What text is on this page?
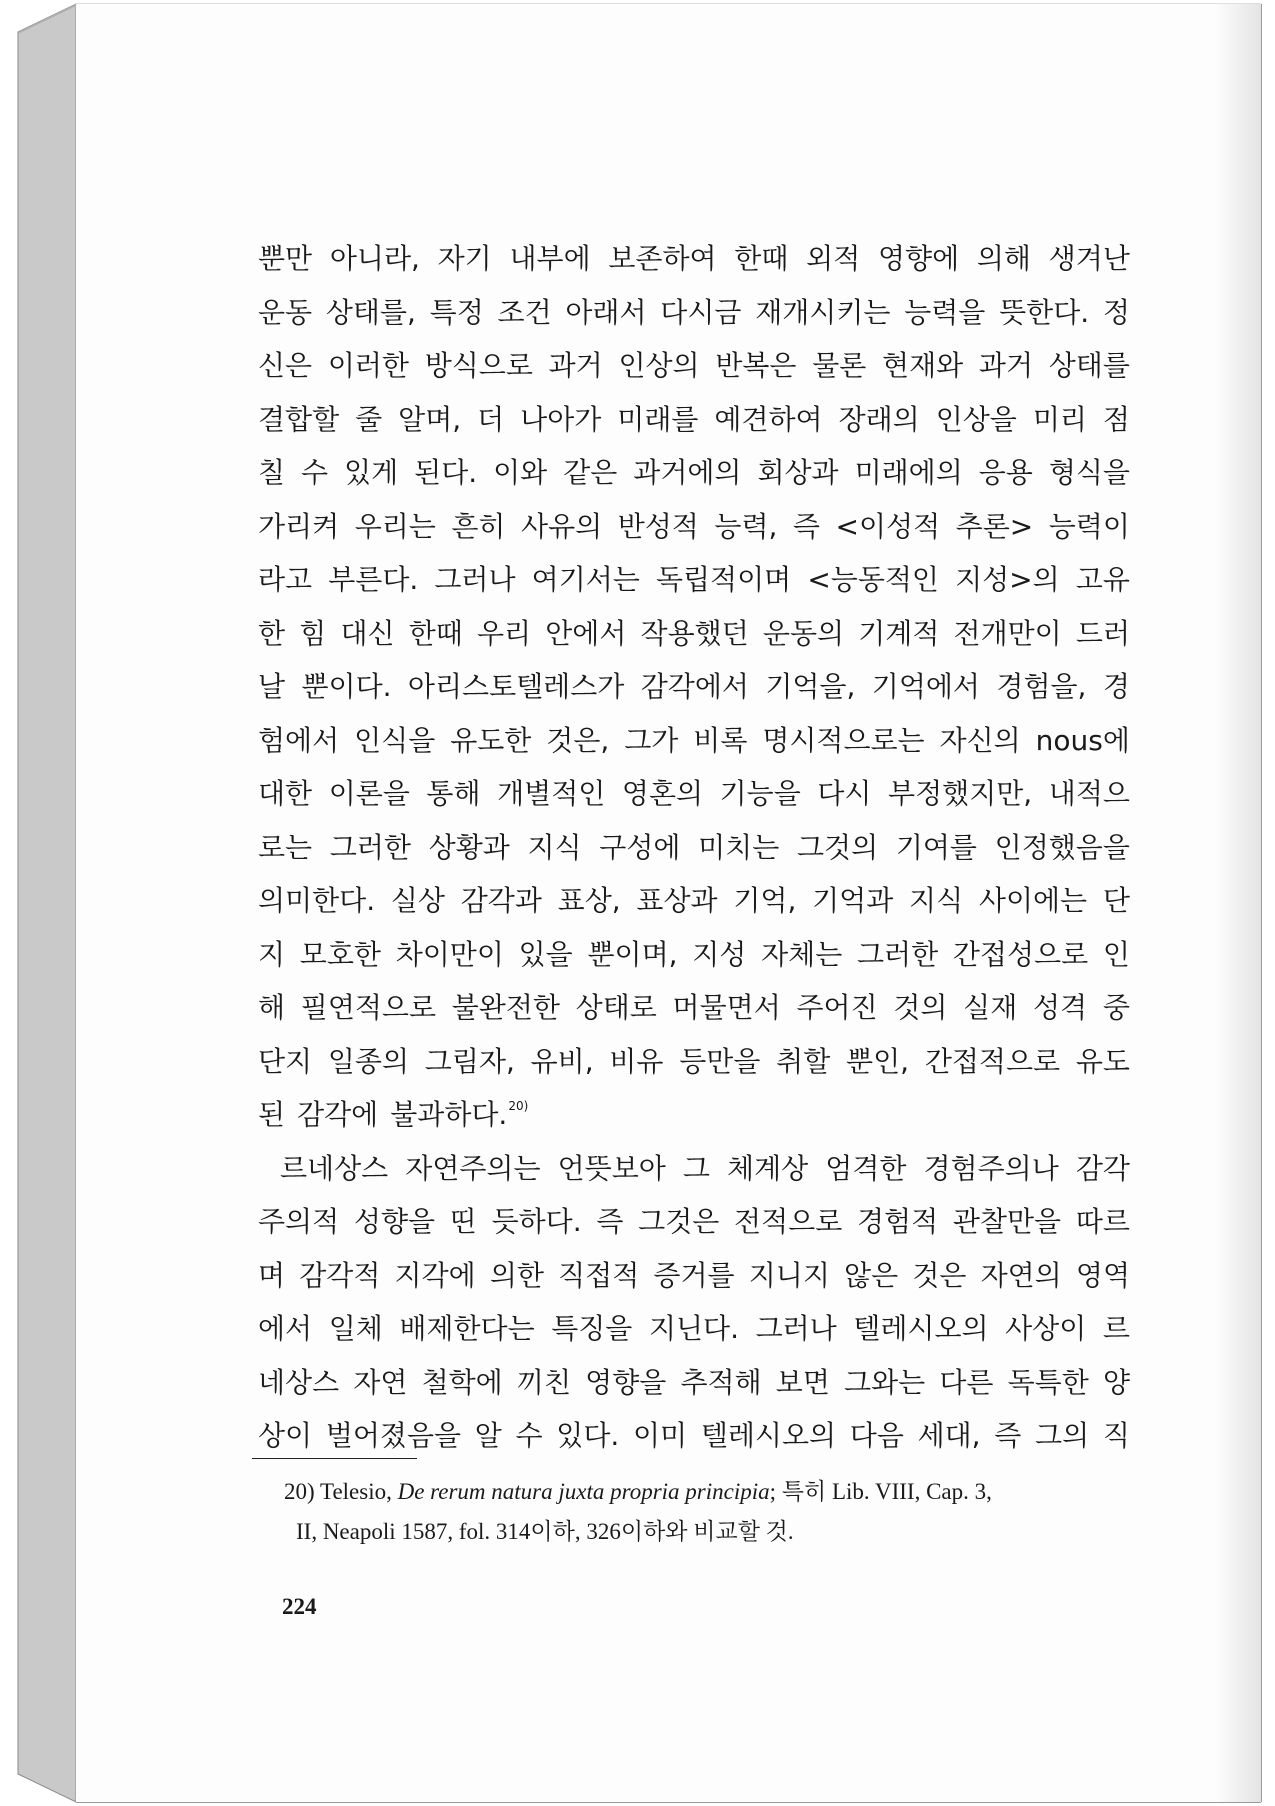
뿐만 아니라, 자기 내부에 보존하여 한때 외적 영향에 의해 생겨난
운동 상태를, 특정 조건 아래서 다시금 재개시키는 능력을 뜻한다. 정
신은 이러한 방식으로 과거 인상의 반복은 물론 현재와 과거 상태를
결합할 줄 알며, 더 나아가 미래를 예견하여 장래의 인상을 미리 점
칠 수 있게 된다. 이와 같은 과거에의 회상과 미래에의 응용 형식을
가리켜 우리는 흔히 사유의 반성적 능력, 즉 <이성적 추론> 능력이
라고 부른다. 그러나 여기서는 독립적이며 <능동적인 지성>의 고유
한 힘 대신 한때 우리 안에서 작용했던 운동의 기계적 전개만이 드러
날 뿐이다. 아리스토텔레스가 감각에서 기억을, 기억에서 경험을, 경
험에서 인식을 유도한 것은, 그가 비록 명시적으로는 자신의 nous에
대한 이론을 통해 개별적인 영혼의 기능을 다시 부정했지만, 내적으
로는 그러한 상황과 지식 구성에 미치는 그것의 기여를 인정했음을
의미한다. 실상 감각과 표상, 표상과 기억, 기억과 지식 사이에는 단
지 모호한 차이만이 있을 뿐이며, 지성 자체는 그러한 간접성으로 인
해 필연적으로 불완전한 상태로 머물면서 주어진 것의 실재 성격 중
단지 일종의 그림자, 유비, 비유 등만을 취할 뿐인, 간접적으로 유도
된 감각에 불과하다.$^{20)}$
르네상스 자연주의는 언뜻보아 그 체계상 엄격한 경험주의나 감각
주의적 성향을 띤 듯하다. 즉 그것은 전적으로 경험적 관찰만을 따르
며 감각적 지각에 의한 직접적 증거를 지니지 않은 것은 자연의 영역
에서 일체 배제한다는 특징을 지닌다. 그러나 텔레시오의 사상이 르
네상스 자연 철학에 끼친 영향을 추적해 보면 그와는 다른 독특한 양
상이 벌어졌음을 알 수 있다. 이미 텔레시오의 다음 세대, 즉 그의 직
20) Telesio, De rerum natura juxta propria principia; 특히 Lib. VIII, Cap. 3,
II, Neapoli 1587, fol. 314이하, 326이하와 비교할 것.
224
